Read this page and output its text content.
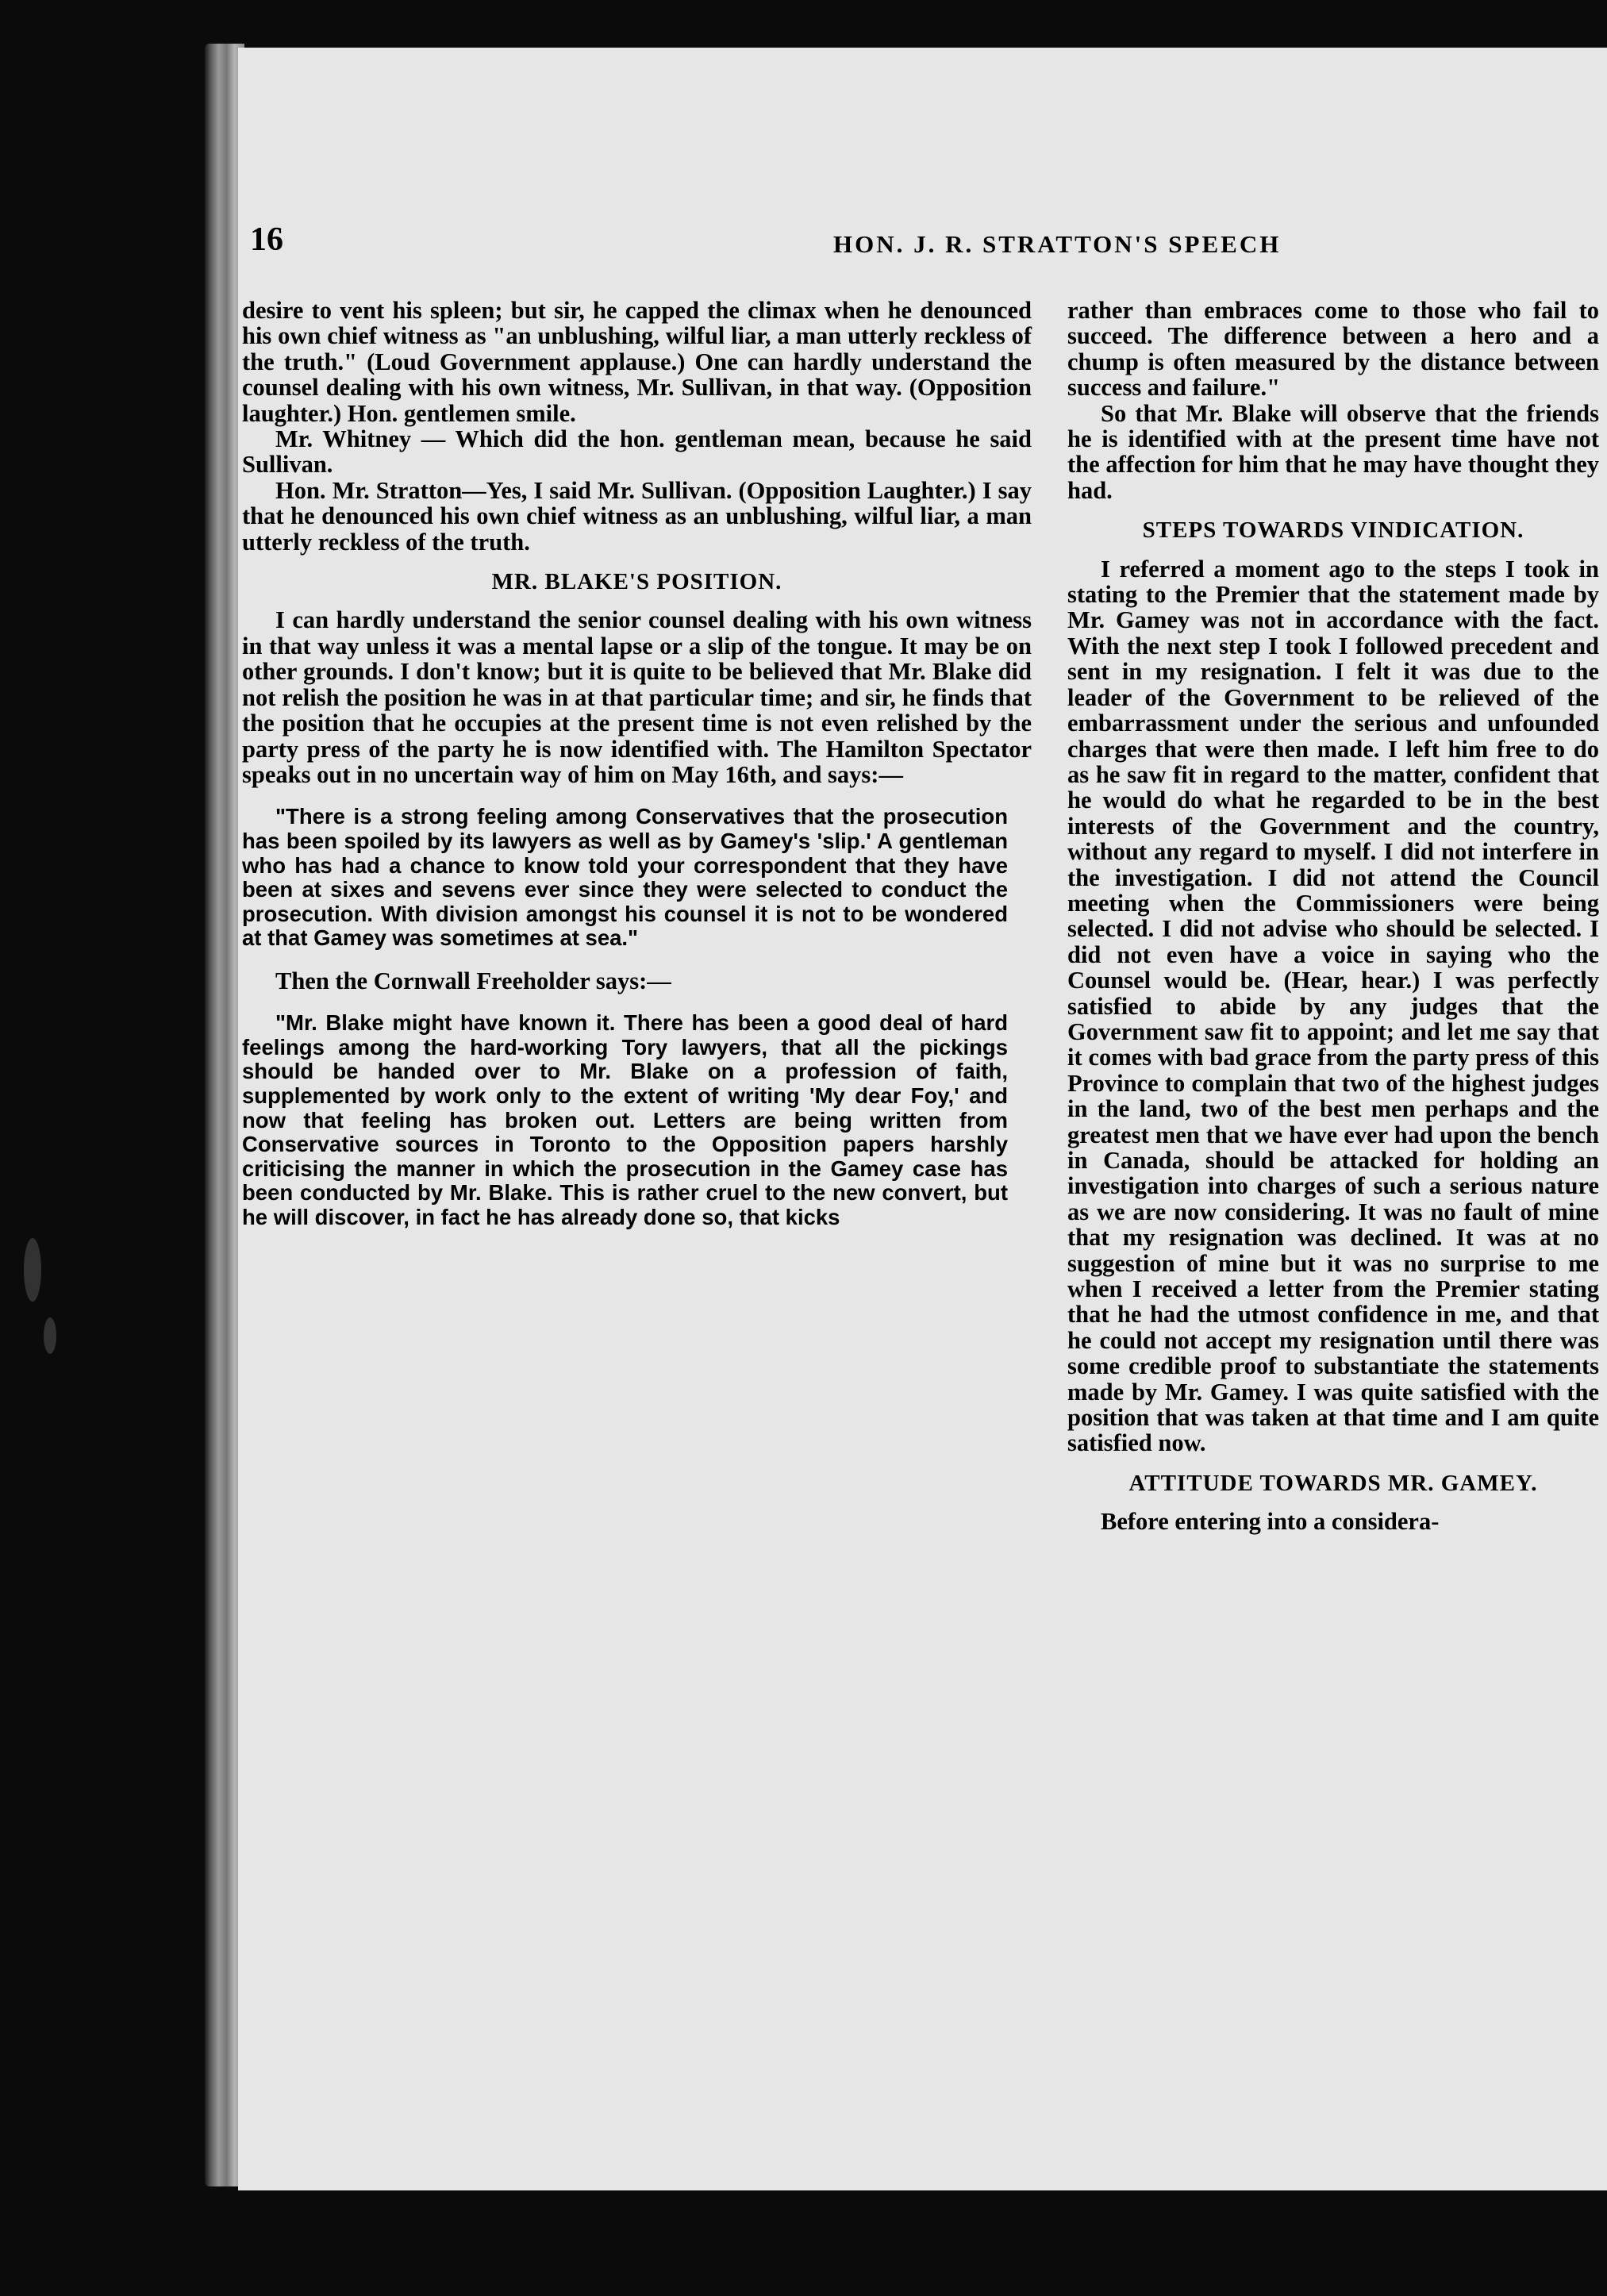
16	HON. J. R. STRATTON'S SPEECH

desire to vent his spleen; but sir, he capped the climax when he denounced his own chief witness as "an unblushing, wilful liar, a man utterly reckless of the truth." (Loud Government applause.) One can hardly understand the counsel dealing with his own witness, Mr. Sullivan, in that way. (Opposition laughter.) Hon. gentlemen smile.

Mr. Whitney — Which did the hon. gentleman mean, because he said Sullivan.

Hon. Mr. Stratton—Yes, I said Mr. Sullivan. (Opposition Laughter.) I say that he denounced his own chief witness as an unblushing, wilful liar, a man utterly reckless of the truth.

MR. BLAKE'S POSITION.

I can hardly understand the senior counsel dealing with his own witness in that way unless it was a mental lapse or a slip of the tongue. It may be on other grounds. I don't know; but it is quite to be believed that Mr. Blake did not relish the position he was in at that particular time; and sir, he finds that the position that he occupies at the present time is not even relished by the party press of the party he is now identified with. The Hamilton Spectator speaks out in no uncertain way of him on May 16th, and says:—

"There is a strong feeling among Conservatives that the prosecution has been spoiled by its lawyers as well as by Gamey's 'slip.' A gentleman who has had a chance to know told your correspondent that they have been at sixes and sevens ever since they were selected to conduct the prosecution. With division amongst his counsel it is not to be wondered at that Gamey was sometimes at sea."

Then the Cornwall Freeholder says:—

"Mr. Blake might have known it. There has been a good deal of hard feelings among the hard-working Tory lawyers, that all the pickings should be handed over to Mr. Blake on a profession of faith, supplemented by work only to the extent of writing 'My dear Foy,' and now that feeling has broken out. Letters are being written from Conservative sources in Toronto to the Opposition papers harshly criticising the manner in which the prosecution in the Gamey case has been conducted by Mr. Blake. This is rather cruel to the new convert, but he will discover, in fact he has already done so, that kicks

rather than embraces come to those who fail to succeed. The difference between a hero and a chump is often measured by the distance between success and failure."

So that Mr. Blake will observe that the friends he is identified with at the present time have not the affection for him that he may have thought they had.

STEPS TOWARDS VINDICATION.

I referred a moment ago to the steps I took in stating to the Premier that the statement made by Mr. Gamey was not in accordance with the fact. With the next step I took I followed precedent and sent in my resignation. I felt it was due to the leader of the Government to be relieved of the embarrassment under the serious and unfounded charges that were then made. I left him free to do as he saw fit in regard to the matter, confident that he would do what he regarded to be in the best interests of the Government and the country, without any regard to myself. I did not interfere in the investigation. I did not attend the Council meeting when the Commissioners were being selected. I did not advise who should be selected. I did not even have a voice in saying who the Counsel would be. (Hear, hear.) I was perfectly satisfied to abide by any judges that the Government saw fit to appoint; and let me say that it comes with bad grace from the party press of this Province to complain that two of the highest judges in the land, two of the best men perhaps and the greatest men that we have ever had upon the bench in Canada, should be attacked for holding an investigation into charges of such a serious nature as we are now considering. It was no fault of mine that my resignation was declined. It was at no suggestion of mine but it was no surprise to me when I received a letter from the Premier stating that he had the utmost confidence in me, and that he could not accept my resignation until there was some credible proof to substantiate the statements made by Mr. Gamey. I was quite satisfied with the position that was taken at that time and I am quite satisfied now.

ATTITUDE TOWARDS MR. GAMEY.

Before entering into a considera-
